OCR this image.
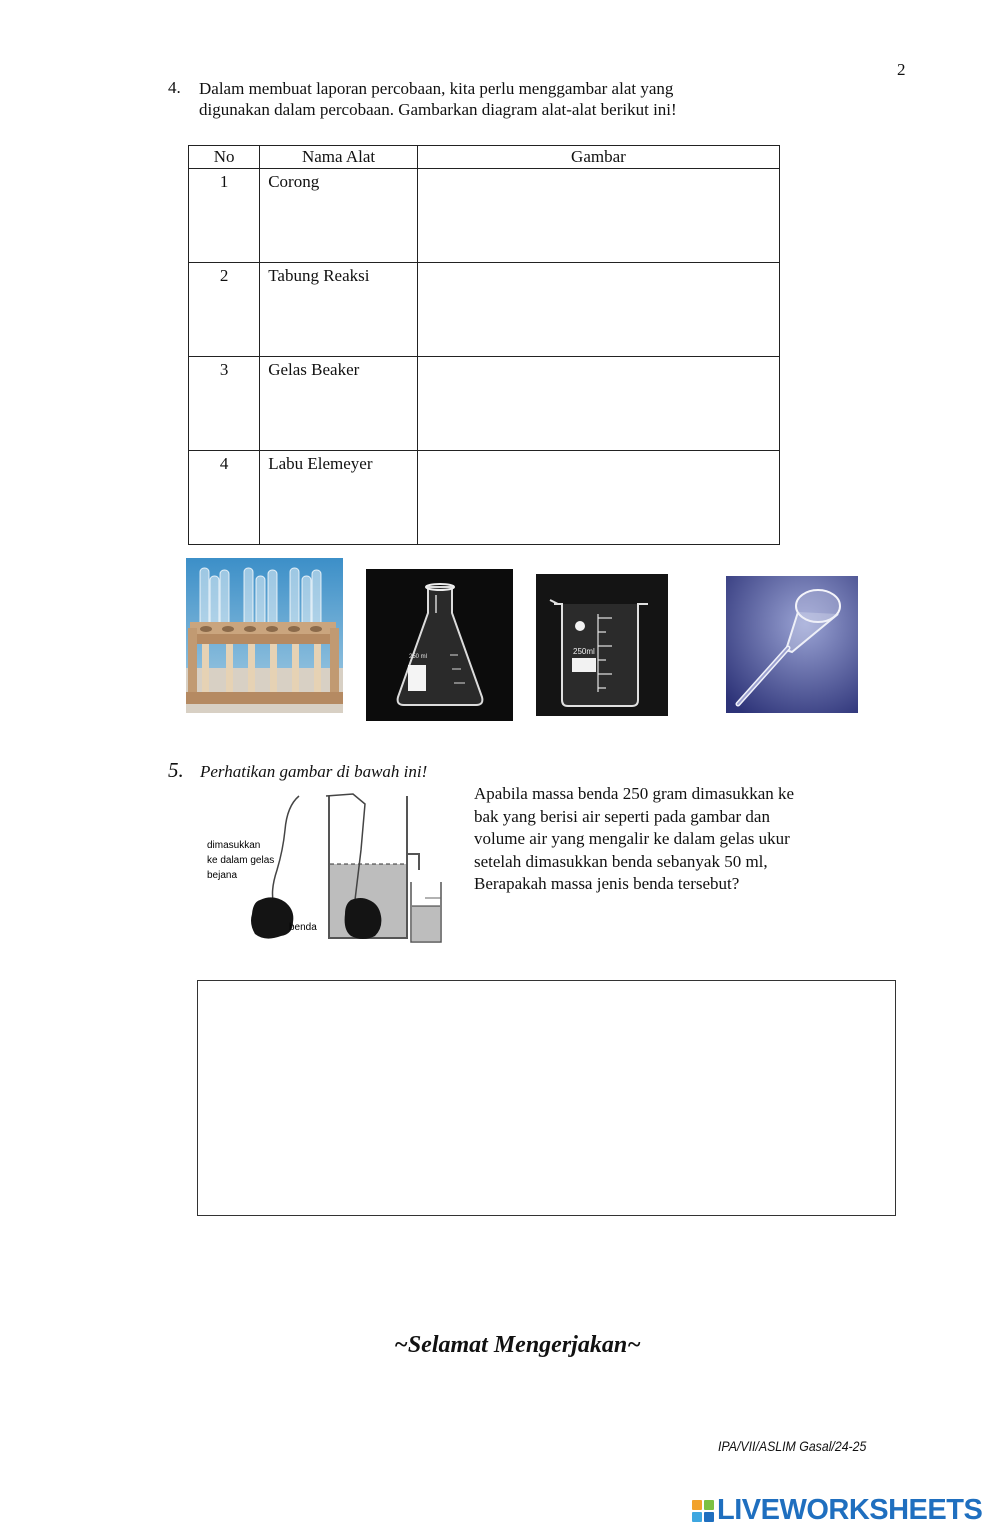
2
4. Dalam membuat laporan percobaan, kita perlu menggambar alat yang
digunakan dalam percobaan. Gambarkan diagram alat-alat berikut ini!
No	Nama Alat	Gambar
1	Corong	
2	Tabung Reaksi	
3	Gelas Beaker	
4	Labu Elemeyer	
250 ml
250ml
5. Perhatikan gambar di bawah ini!
dimasukkan
ke dalam gelas
bejana
benda
Apabila massa benda 250 gram dimasukkan ke
bak yang berisi air seperti pada gambar dan
volume air yang mengalir ke dalam gelas ukur
setelah dimasukkan benda sebanyak 50 ml,
Berapakah massa jenis benda tersebut?
~Selamat Mengerjakan~
IPA/VII/ASLIM Gasal/24-25
LIVEWORKSHEETS
